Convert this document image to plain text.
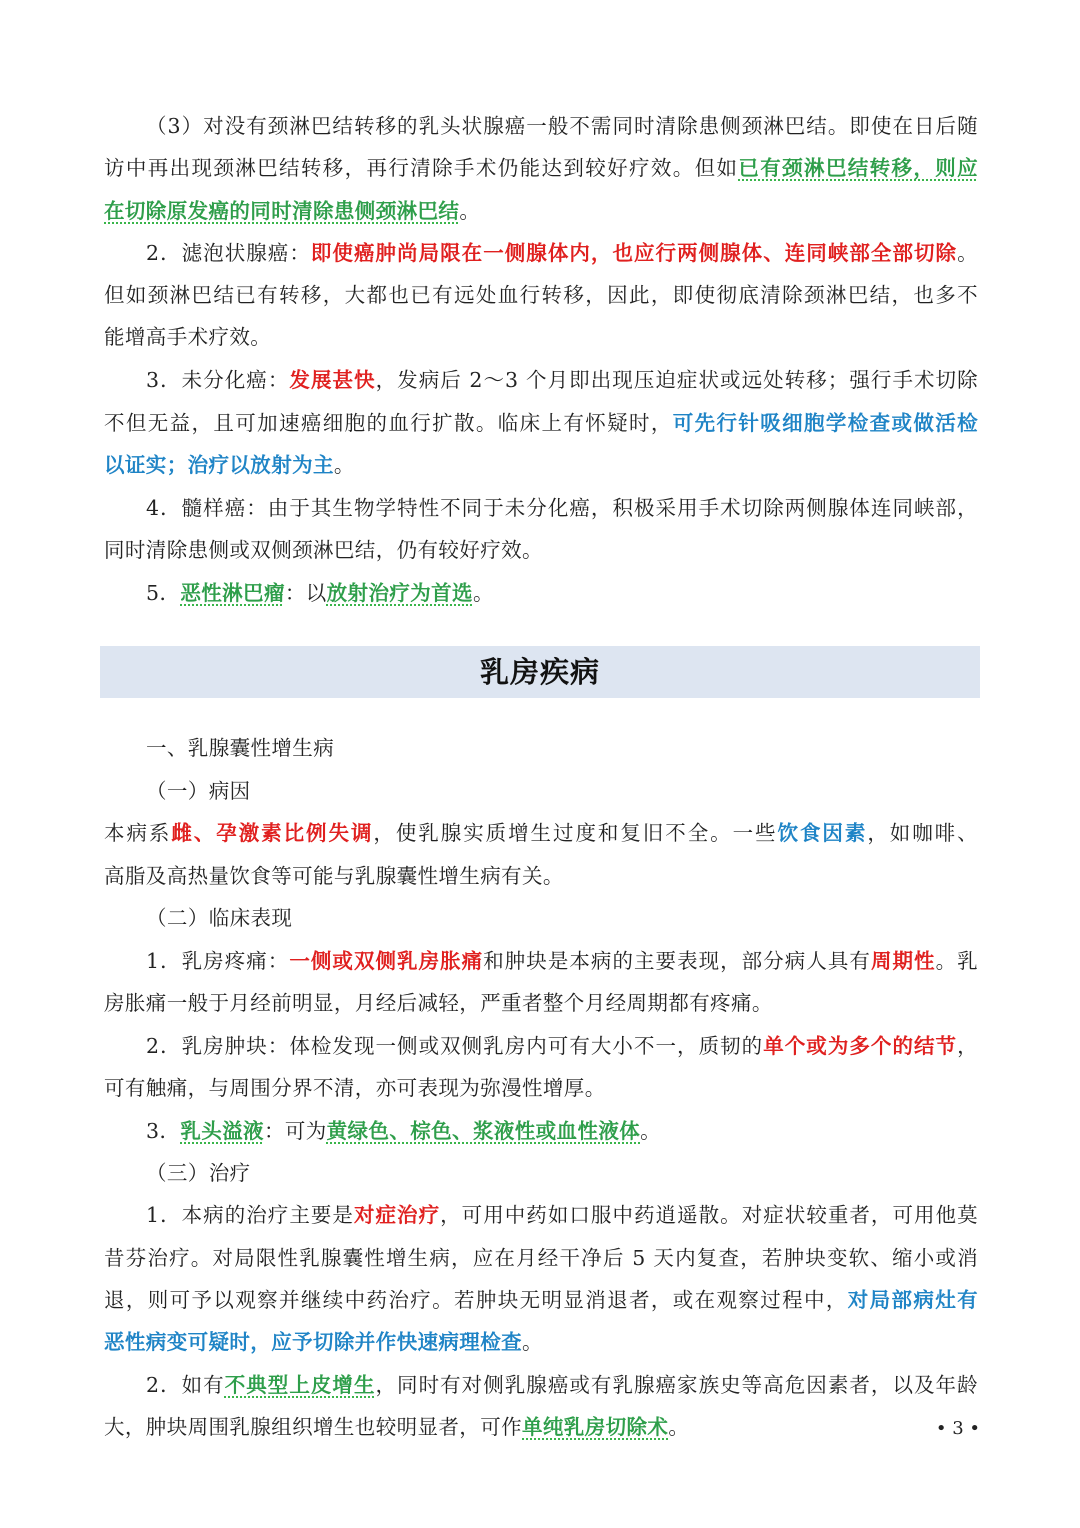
（3）对没有颈淋巴结转移的乳头状腺癌一般不需同时清除患侧颈淋巴结。即使在日后随
访中再出现颈淋巴结转移，再行清除手术仍能达到较好疗效。但如已有颈淋巴结转移，则应
在切除原发癌的同时清除患侧颈淋巴结。
2．滤泡状腺癌：即使癌肿尚局限在一侧腺体内，也应行两侧腺体、连同峡部全部切除。
但如颈淋巴结已有转移，大都也已有远处血行转移，因此，即使彻底清除颈淋巴结，也多不
能增高手术疗效。
3．未分化癌：发展甚快，发病后 2～3 个月即出现压迫症状或远处转移；强行手术切除
不但无益，且可加速癌细胞的血行扩散。临床上有怀疑时，可先行针吸细胞学检查或做活检
以证实；治疗以放射为主。
4．髓样癌：由于其生物学特性不同于未分化癌，积极采用手术切除两侧腺体连同峡部，
同时清除患侧或双侧颈淋巴结，仍有较好疗效。
5．恶性淋巴瘤：以放射治疗为首选。
一、乳腺囊性增生病
（一）病因
本病系雌、孕激素比例失调，使乳腺实质增生过度和复旧不全。一些饮食因素，如咖啡、
高脂及高热量饮食等可能与乳腺囊性增生病有关。
（二）临床表现
1．乳房疼痛：一侧或双侧乳房胀痛和肿块是本病的主要表现，部分病人具有周期性。乳
房胀痛一般于月经前明显，月经后减轻，严重者整个月经周期都有疼痛。
2．乳房肿块：体检发现一侧或双侧乳房内可有大小不一，质韧的单个或为多个的结节，
可有触痛，与周围分界不清，亦可表现为弥漫性增厚。
3．乳头溢液：可为黄绿色、棕色、浆液性或血性液体。
（三）治疗
1．本病的治疗主要是对症治疗，可用中药如口服中药逍遥散。对症状较重者，可用他莫
昔芬治疗。对局限性乳腺囊性增生病，应在月经干净后 5 天内复查，若肿块变软、缩小或消
退，则可予以观察并继续中药治疗。若肿块无明显消退者，或在观察过程中，对局部病灶有
恶性病变可疑时，应予切除并作快速病理检查。
2．如有不典型上皮增生，同时有对侧乳腺癌或有乳腺癌家族史等高危因素者，以及年龄
大，肿块周围乳腺组织增生也较明显者，可作单纯乳房切除术。
乳房疾病
• 3 •
